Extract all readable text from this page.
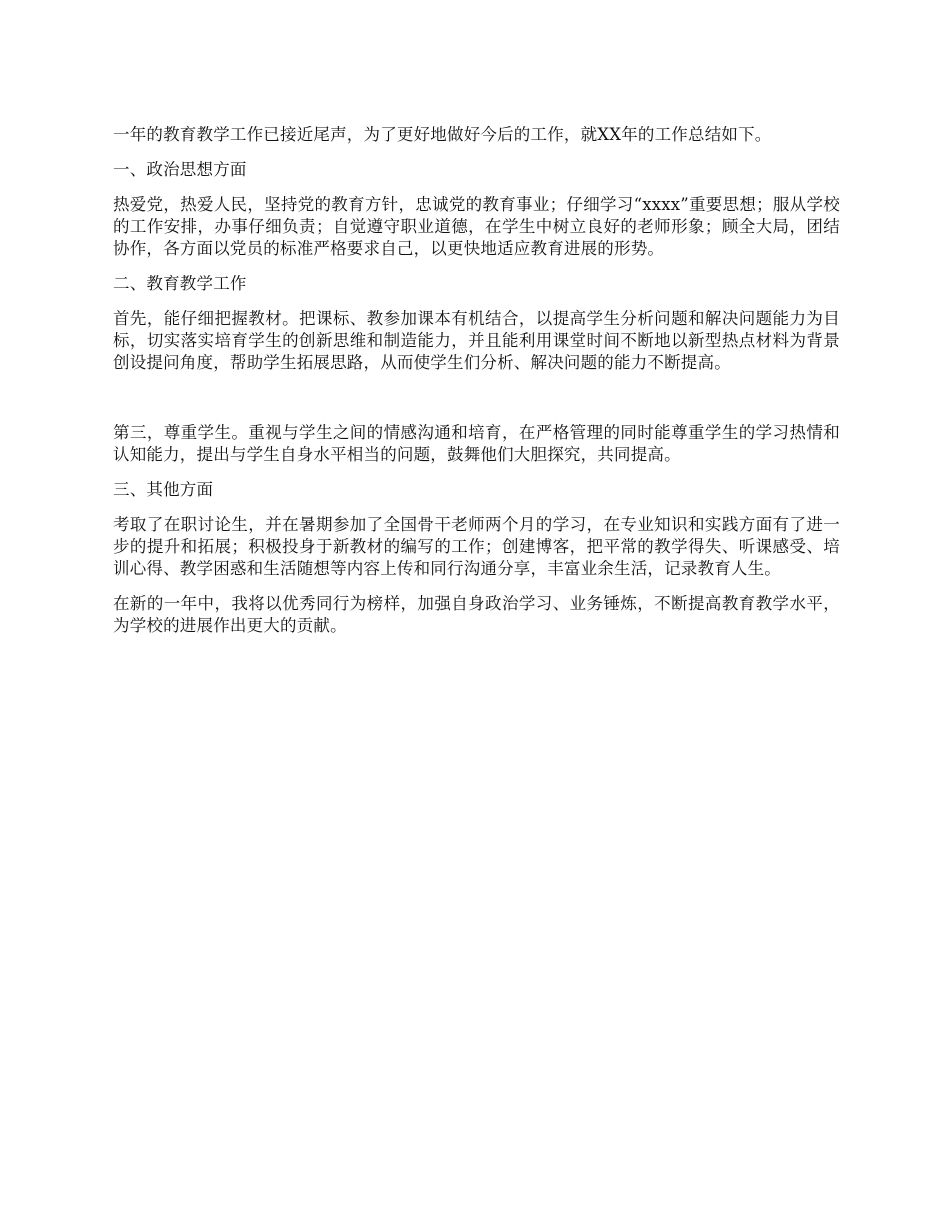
一年的教育教学工作已接近尾声，为了更好地做好今后的工作，就XX年的工作总结如下。

一、政治思想方面

热爱党，热爱人民，坚持党的教育方针，忠诚党的教育事业；仔细学习“xxxx”重要思想；服从学校的工作安排，办事仔细负责；自觉遵守职业道德，在学生中树立良好的老师形象；顾全大局，团结协作，各方面以党员的标准严格要求自己，以更快地适应教育进展的形势。

二、教育教学工作

首先，能仔细把握教材。把课标、教参加课本有机结合，以提高学生分析问题和解决问题能力为目标，切实落实培育学生的创新思维和制造能力，并且能利用课堂时间不断地以新型热点材料为背景创设提问角度，帮助学生拓展思路，从而使学生们分析、解决问题的能力不断提高。

第三，尊重学生。重视与学生之间的情感沟通和培育，在严格管理的同时能尊重学生的学习热情和认知能力，提出与学生自身水平相当的问题，鼓舞他们大胆探究，共同提高。

三、其他方面

考取了在职讨论生，并在暑期参加了全国骨干老师两个月的学习，在专业知识和实践方面有了进一步的提升和拓展；积极投身于新教材的编写的工作；创建博客，把平常的教学得失、听课感受、培训心得、教学困惑和生活随想等内容上传和同行沟通分享，丰富业余生活，记录教育人生。

在新的一年中，我将以优秀同行为榜样，加强自身政治学习、业务锤炼，不断提高教育教学水平，为学校的进展作出更大的贡献。
